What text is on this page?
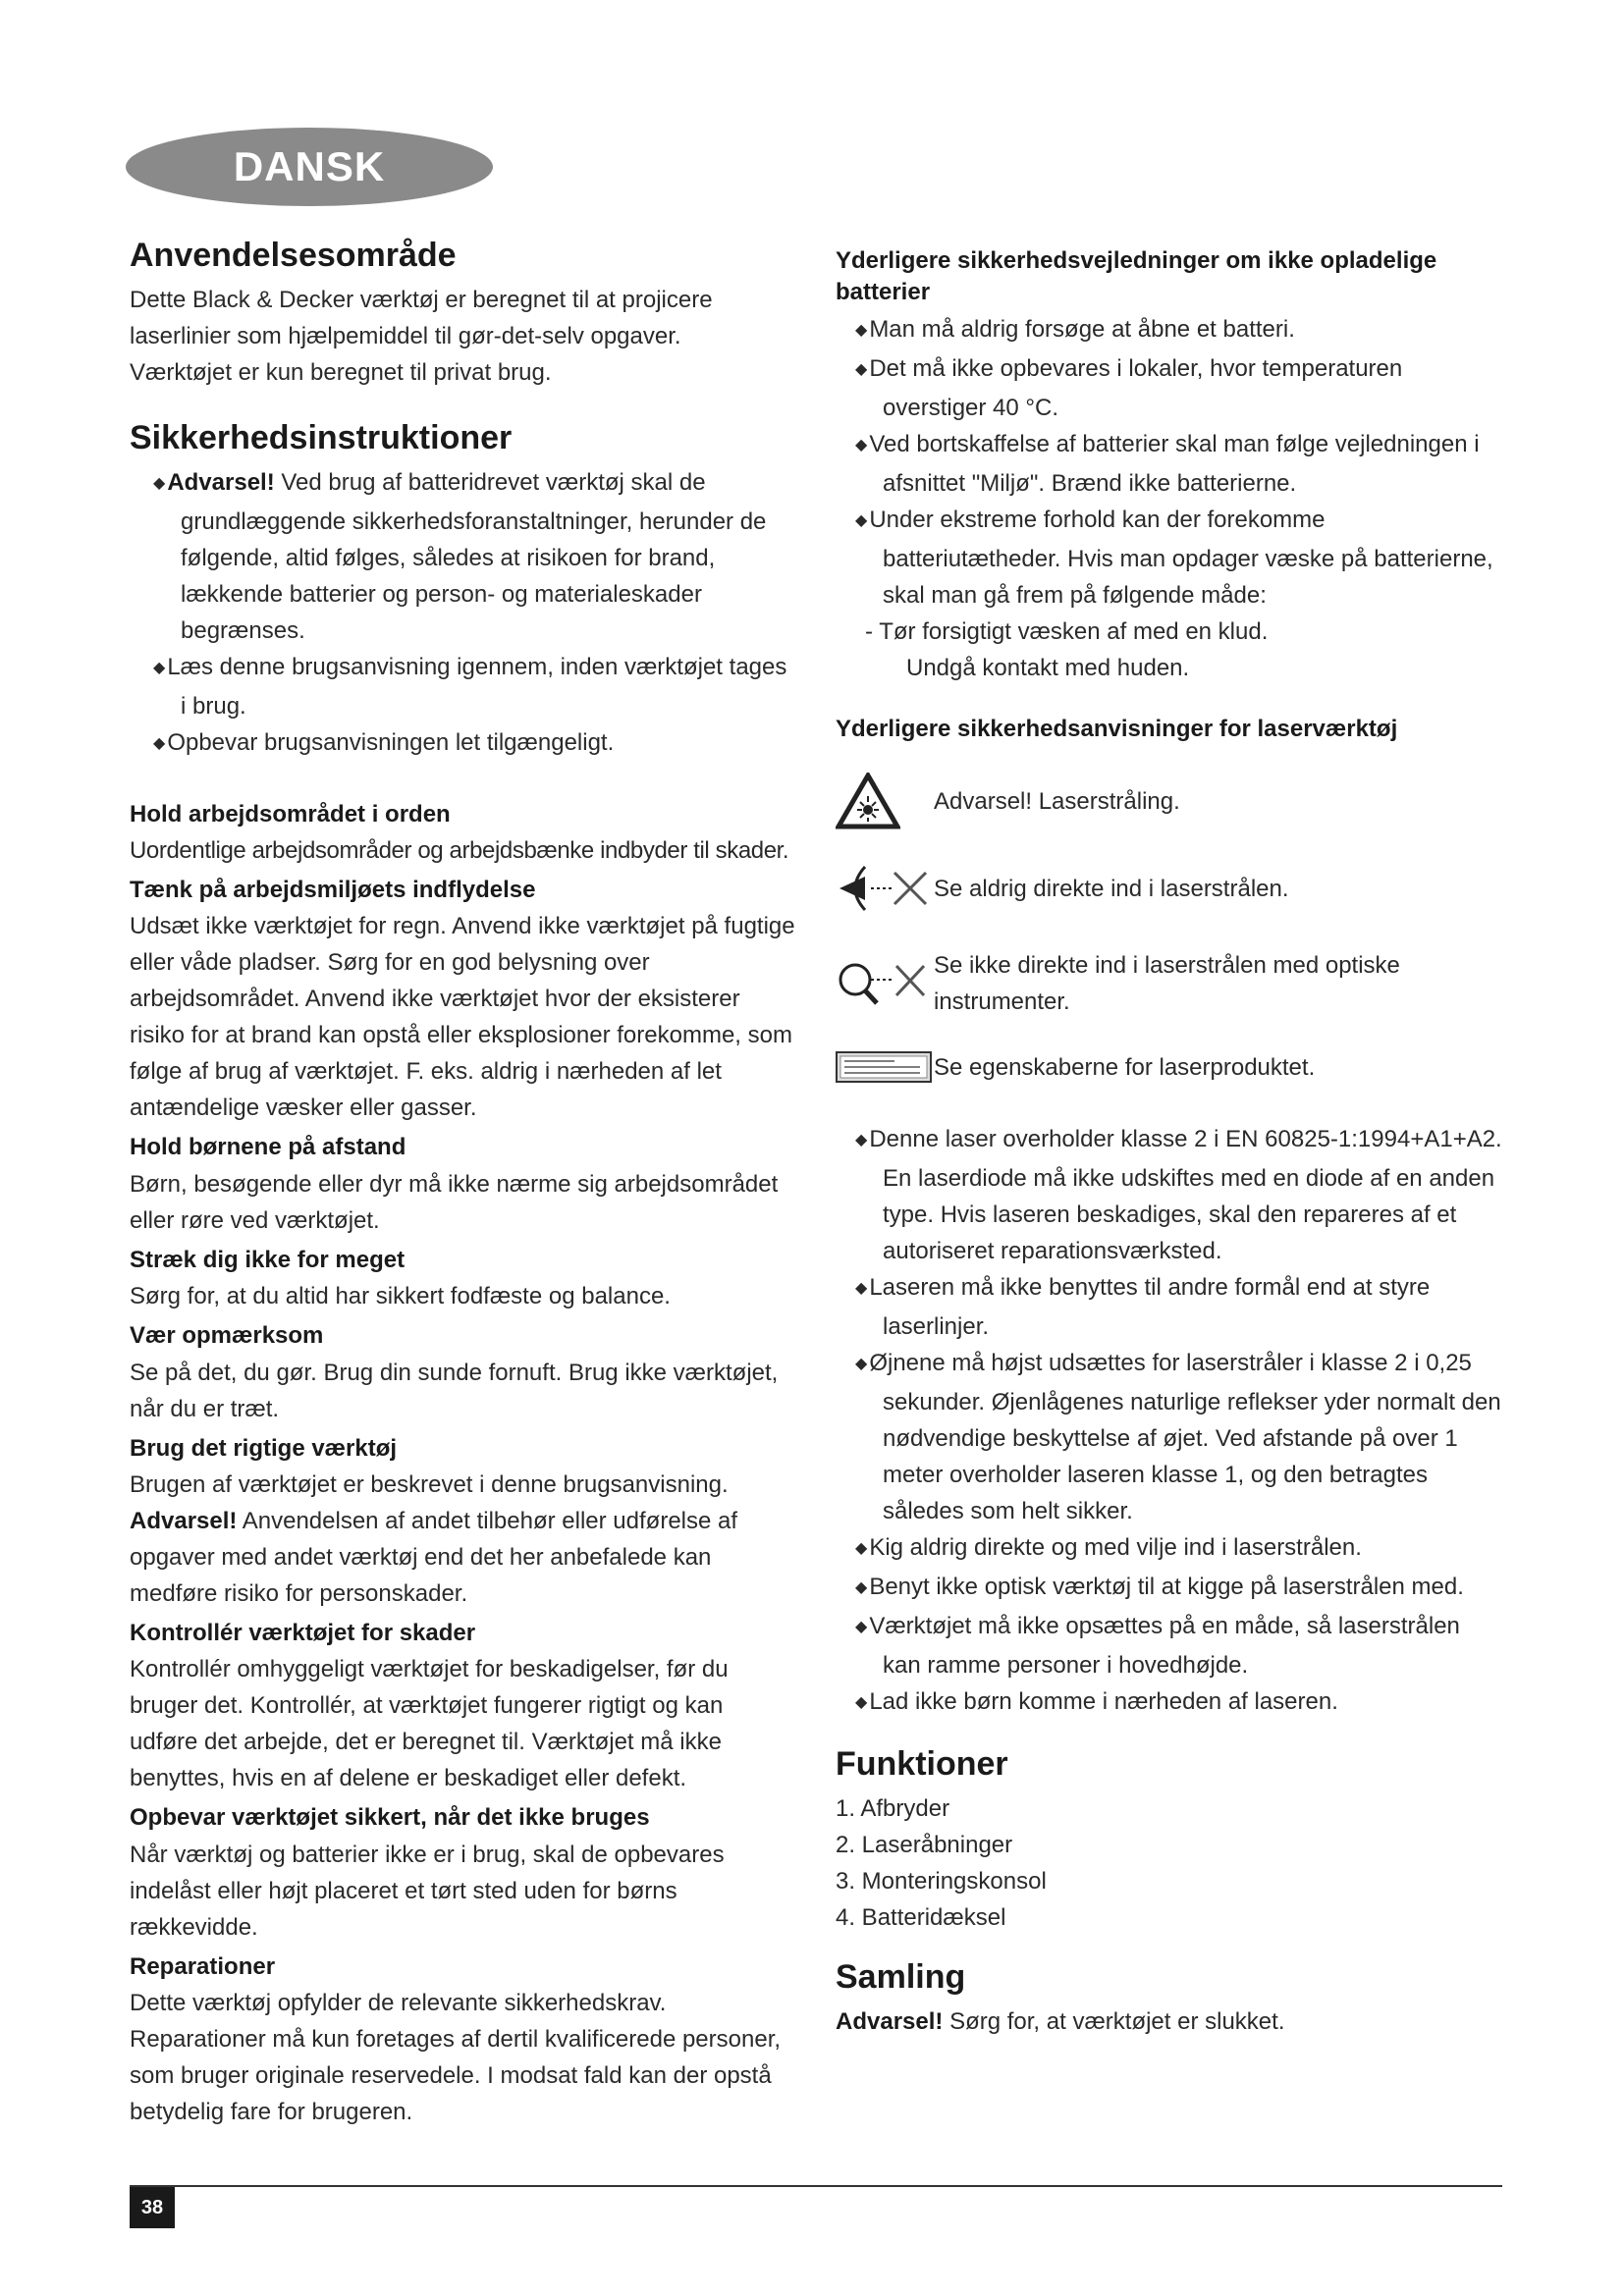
DANSK
Anvendelsesområde

Dette Black & Decker værktøj er beregnet til at projicere laserlinier som hjælpemiddel til gør-det-selv opgaver.

Værktøjet er kun beregnet til privat brug.

Sikkerhedsinstruktioner
◆Advarsel! Ved brug af batteridrevet værktøj skal de grundlæggende sikkerhedsforanstaltninger, herunder de følgende, altid følges, således at risikoen for brand, lækkende batterier og person- og materialeskader begrænses.
◆Læs denne brugsanvisning igennem, inden værktøjet tages i brug.
◆Opbevar brugsanvisningen let tilgængeligt.
Hold arbejdsområdet i orden

Uordentlige arbejdsområder og arbejdsbænke indbyder til skader.

Tænk på arbejdsmiljøets indflydelse

Udsæt ikke værktøjet for regn. Anvend ikke værktøjet på fugtige eller våde pladser. Sørg for en god belysning over arbejdsområdet. Anvend ikke værktøjet hvor der eksisterer risiko for at brand kan opstå eller eksplosioner forekomme, som følge af brug af værktøjet. F. eks. aldrig i nærheden af let antændelige væsker eller gasser.

Hold børnene på afstand

Børn, besøgende eller dyr må ikke nærme sig arbejdsområdet eller røre ved værktøjet.

Stræk dig ikke for meget

Sørg for, at du altid har sikkert fodfæste og balance.

Vær opmærksom

Se på det, du gør. Brug din sunde fornuft. Brug ikke værktøjet, når du er træt.

Brug det rigtige værktøj

Brugen af værktøjet er beskrevet i denne brugsanvisning.

Advarsel! Anvendelsen af andet tilbehør eller udførelse af opgaver med andet værktøj end det her anbefalede kan medføre risiko for personskader.

Kontrollér værktøjet for skader

Kontrollér omhyggeligt værktøjet for beskadigelser, før du bruger det. Kontrollér, at værktøjet fungerer rigtigt og kan udføre det arbejde, det er beregnet til. Værktøjet må ikke benyttes, hvis en af delene er beskadiget eller defekt.

Opbevar værktøjet sikkert, når det ikke bruges

Når værktøj og batterier ikke er i brug, skal de opbevares indelåst eller højt placeret et tørt sted uden for børns rækkevidde.

Reparationer

Dette værktøj opfylder de relevante sikkerhedskrav. Reparationer må kun foretages af dertil kvalificerede personer, som bruger originale reservedele. I modsat fald kan der opstå betydelig fare for brugeren.

Yderligere sikkerhedsvejledninger om ikke opladelige batterier
◆Man må aldrig forsøge at åbne et batteri.
◆Det må ikke opbevares i lokaler, hvor temperaturen overstiger 40 °C.
◆Ved bortskaffelse af batterier skal man følge vejledningen i afsnittet "Miljø". Brænd ikke batterierne.
◆Under ekstreme forhold kan der forekomme batteriutætheder. Hvis man opdager væske på batterierne, skal man gå frem på følgende måde:

- Tør forsigtigt væsken af med en klud.

Undgå kontakt med huden.

Yderligere sikkerhedsanvisninger for laserværktøj
Advarsel! Laserstråling.
Se aldrig direkte ind i laserstrålen.
Se ikke direkte ind i laserstrålen med optiske instrumenter.
Se egenskaberne for laserproduktet.
◆Denne laser overholder klasse 2 i EN 60825-1:1994+A1+A2. En laserdiode må ikke udskiftes med en diode af en anden type. Hvis laseren beskadiges, skal den repareres af et autoriseret reparationsværksted.
◆Laseren må ikke benyttes til andre formål end at styre laserlinjer.
◆Øjnene må højst udsættes for laserstråler i klasse 2 i 0,25 sekunder. Øjenlågenes naturlige reflekser yder normalt den nødvendige beskyttelse af øjet. Ved afstande på over 1 meter overholder laseren klasse 1, og den betragtes således som helt sikker.
◆Kig aldrig direkte og med vilje ind i laserstrålen.
◆Benyt ikke optisk værktøj til at kigge på laserstrålen med.
◆Værktøjet må ikke opsættes på en måde, så laserstrålen kan ramme personer i hovedhøjde.
◆Lad ikke børn komme i nærheden af laseren.
Funktioner

1. Afbryder

2. Laseråbninger

3. Monteringskonsol

4. Batteridæksel

Samling

Advarsel! Sørg for, at værktøjet er slukket.

38
